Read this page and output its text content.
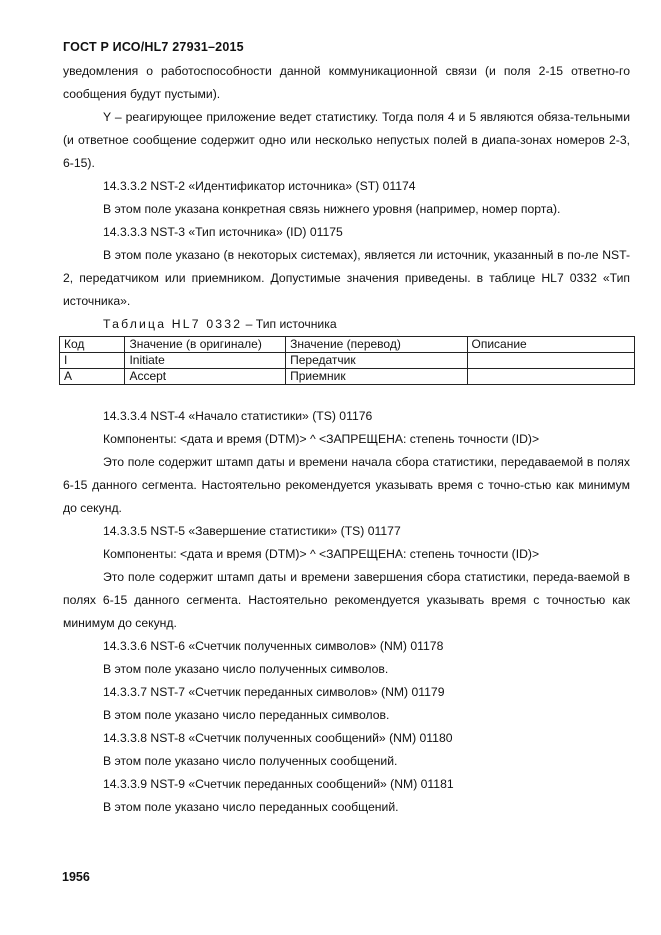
ГОСТ Р ИСО/HL7 27931–2015

уведомления о работоспособности данной коммуникационной связи (и поля 2-15 ответно-го сообщения будут пустыми).

Y – реагирующее приложение ведет статистику. Тогда поля 4 и 5 являются обяза-тельными (и ответное сообщение содержит одно или несколько непустых полей в диапа-зонах номеров 2-3, 6-15).

14.3.3.2 NST-2 «Идентификатор источника» (ST) 01174

В этом поле указана конкретная связь нижнего уровня (например, номер порта).

14.3.3.3 NST-3 «Тип источника» (ID) 01175

В этом поле указано (в некоторых системах), является ли источник, указанный в по-ле NST-2, передатчиком или приемником. Допустимые значения приведены. в таблице HL7 0332 «Тип источника».

Таблица HL7 0332 – Тип источника

Код	Значение (в оригинале)	Значение (перевод)	Описание
I	Initiate	Передатчик	
A	Accept	Приемник	

14.3.3.4 NST-4 «Начало статистики» (TS) 01176

Компоненты: <дата и время (DTM)> ^ <ЗАПРЕЩЕНА: степень точности (ID)>

Это поле содержит штамп даты и времени начала сбора статистики, передаваемой в полях 6-15 данного сегмента. Настоятельно рекомендуется указывать время с точно-стью как минимум до секунд.

14.3.3.5 NST-5 «Завершение статистики» (TS) 01177

Компоненты: <дата и время (DTM)> ^ <ЗАПРЕЩЕНА: степень точности (ID)>

Это поле содержит штамп даты и времени завершения сбора статистики, переда-ваемой в полях 6-15 данного сегмента. Настоятельно рекомендуется указывать время с точностью как минимум до секунд.

14.3.3.6 NST-6 «Счетчик полученных символов» (NM) 01178

В этом поле указано число полученных символов.

14.3.3.7 NST-7 «Счетчик переданных символов» (NM) 01179

В этом поле указано число переданных символов.

14.3.3.8 NST-8 «Счетчик полученных сообщений» (NM) 01180

В этом поле указано число полученных сообщений.

14.3.3.9 NST-9 «Счетчик переданных сообщений» (NM) 01181

В этом поле указано число переданных сообщений.

1956
